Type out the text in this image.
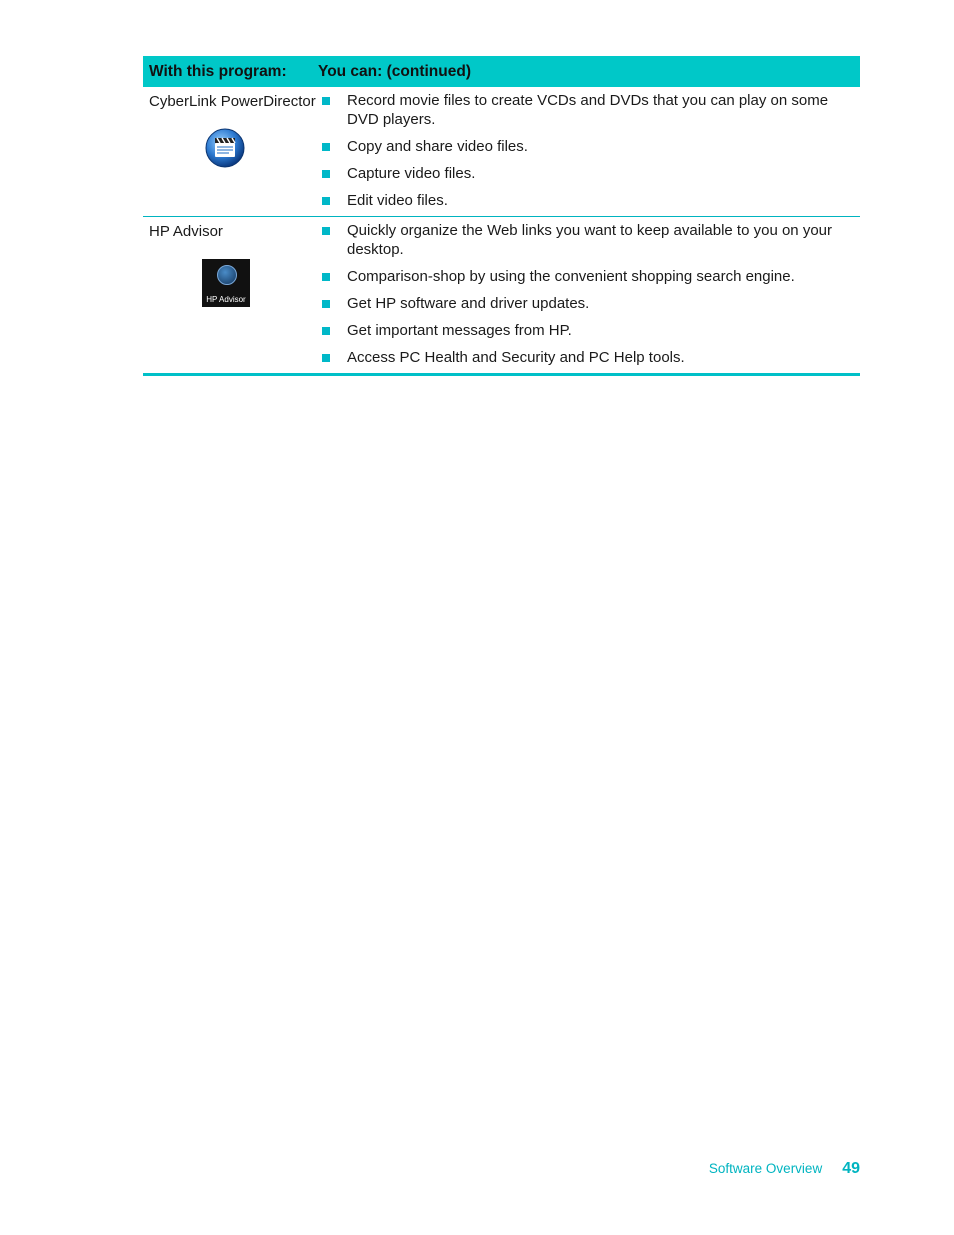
With this program:	You can: (continued)
CyberLink PowerDirector Record movie files to create VCDs and DVDs that you can play on some DVD players.
Copy and share video files.
Capture video files.
Edit video files.
HP Advisor
HP Advisor
Quickly organize the Web links you want to keep available to you on your desktop.
Comparison-shop by using the convenient shopping search engine.
Get HP software and driver updates.
Get important messages from HP.
Access PC Health and Security and PC Help tools.
Software Overview 49
